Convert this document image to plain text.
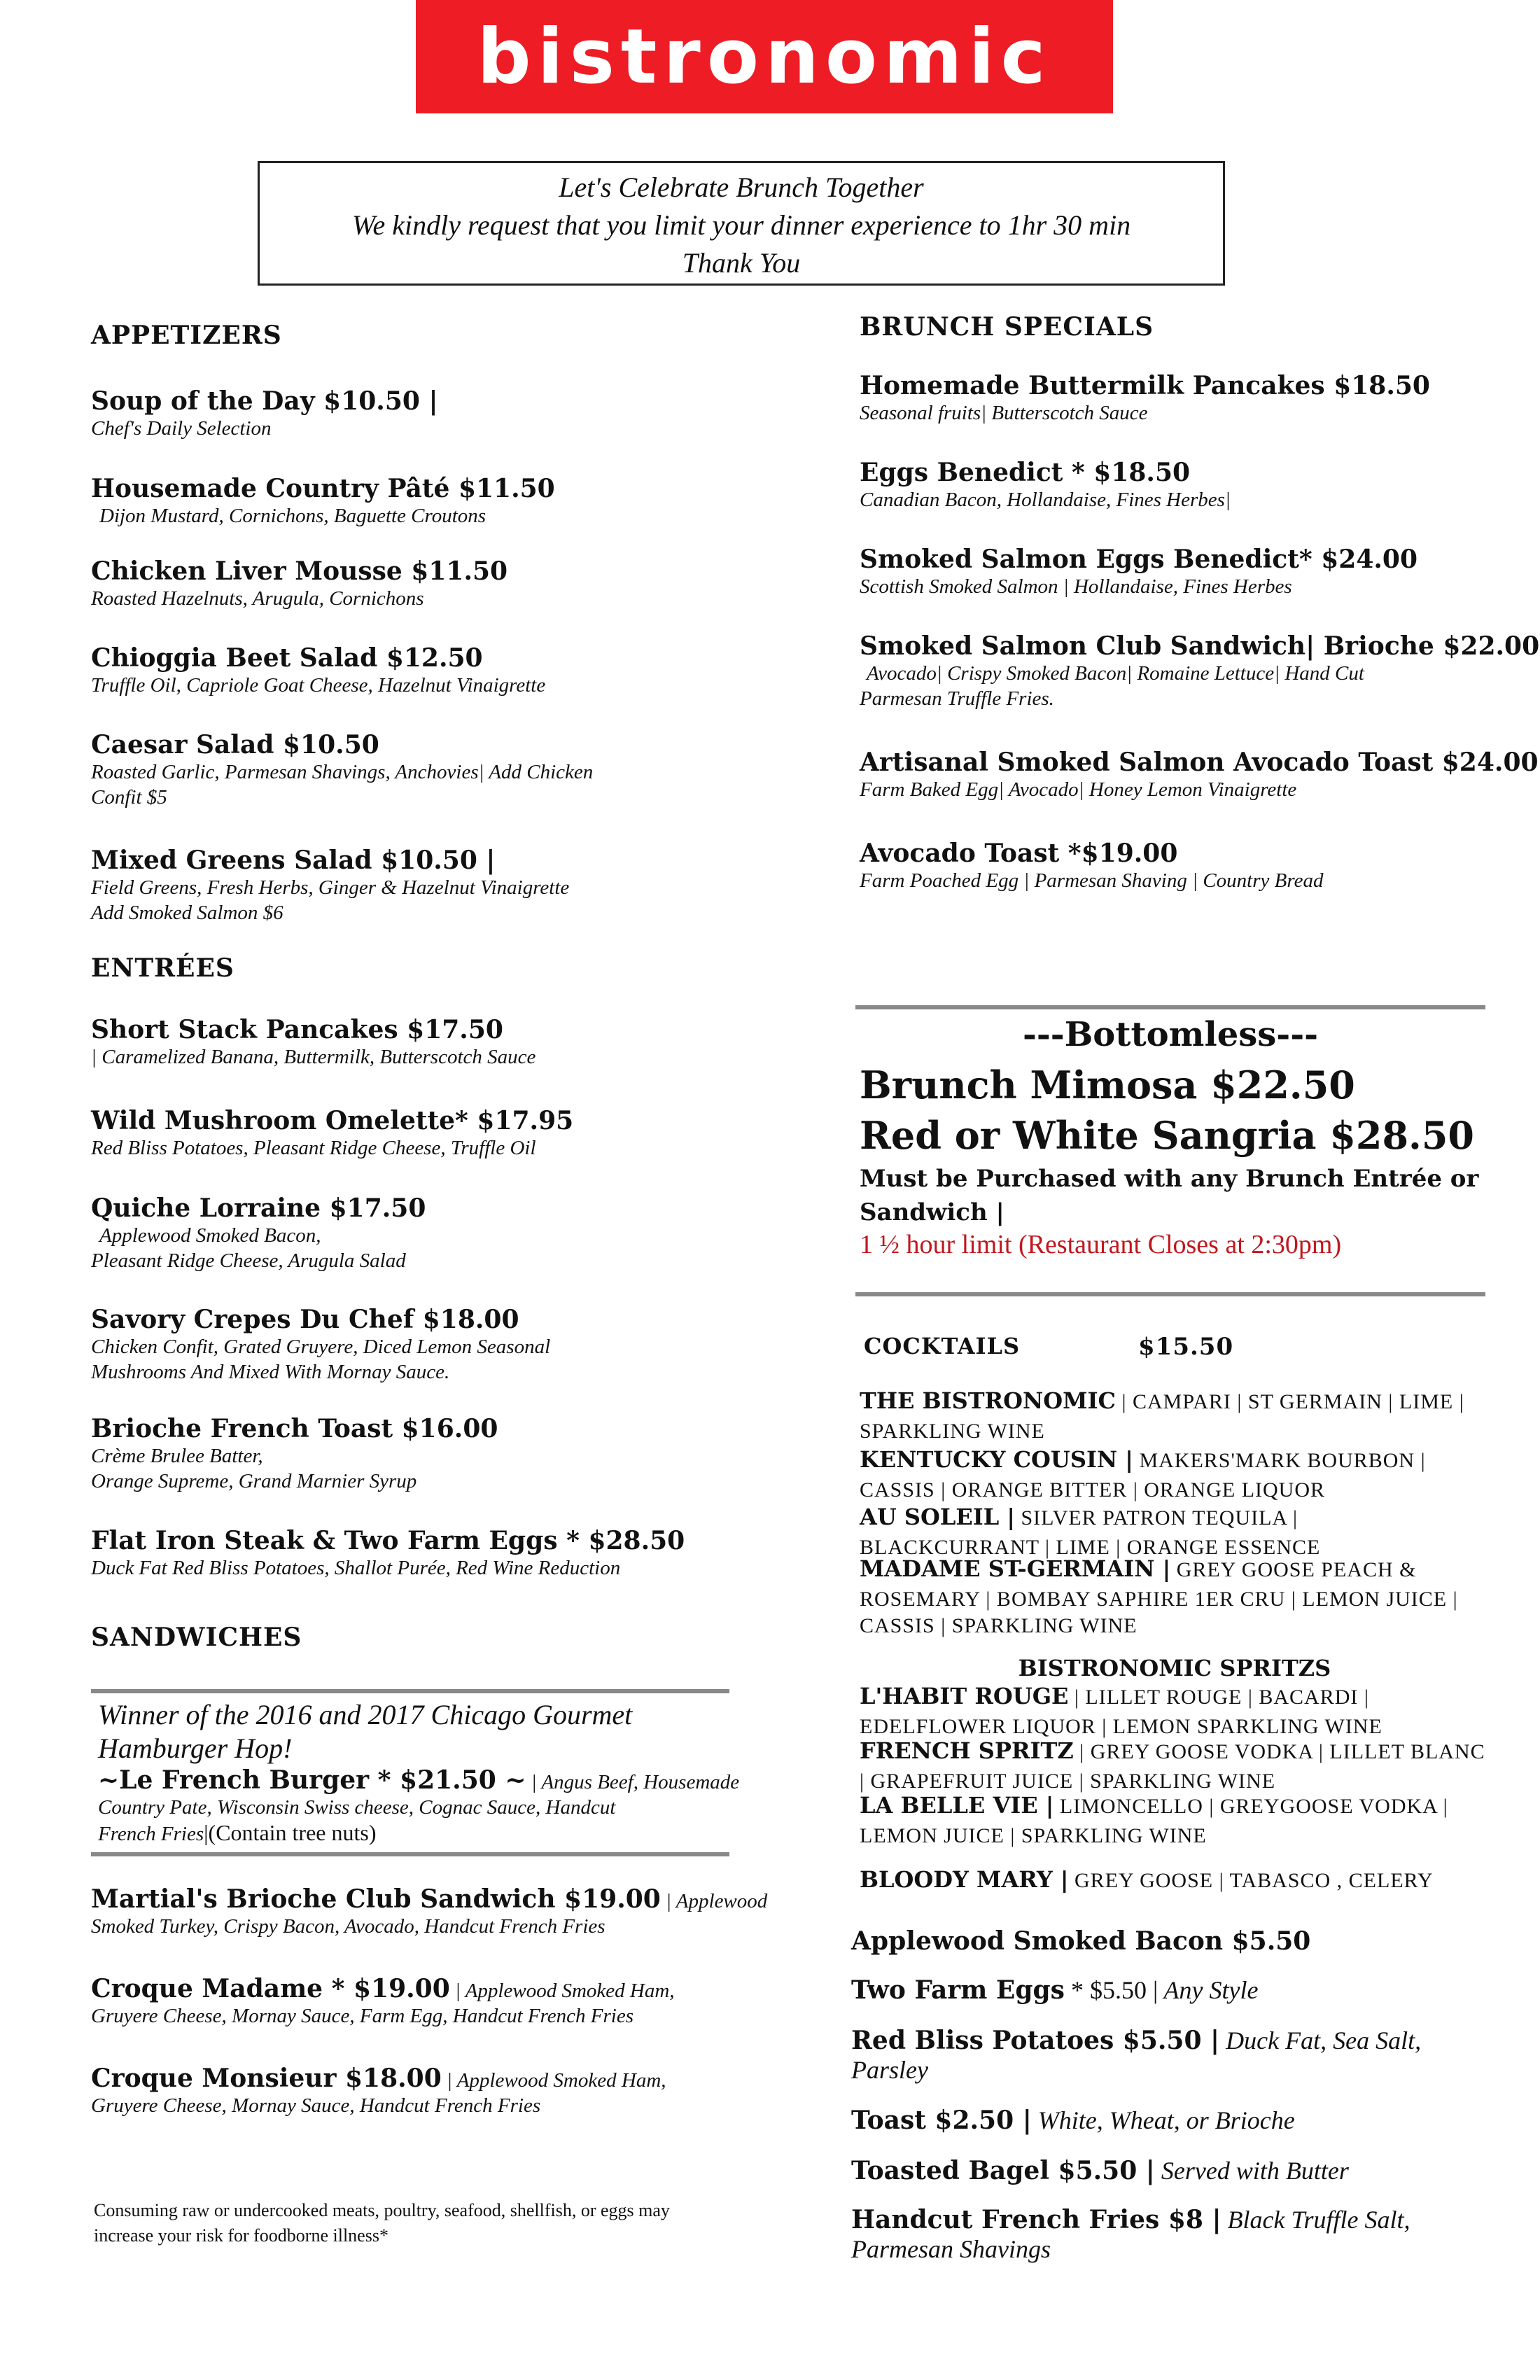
bistronomic
Let's Celebrate Brunch Together
We kindly request that you limit your dinner experience to 1hr 30 min
Thank You
APPETIZERS
Soup of the Day $10.50 |
Chef's Daily Selection
Housemade Country Pâté $11.50
Dijon Mustard, Cornichons, Baguette Croutons
Chicken Liver Mousse $11.50
Roasted Hazelnuts, Arugula, Cornichons
Chioggia Beet Salad $12.50
Truffle Oil, Capriole Goat Cheese, Hazelnut Vinaigrette
Caesar Salad $10.50
Roasted Garlic, Parmesan Shavings, Anchovies| Add Chicken
Confit $5
Mixed Greens Salad $10.50 |
Field Greens, Fresh Herbs, Ginger & Hazelnut Vinaigrette
Add Smoked Salmon $6
ENTRÉES
Short Stack Pancakes $17.50
| Caramelized Banana, Buttermilk, Butterscotch Sauce
Wild Mushroom Omelette* $17.95
Red Bliss Potatoes, Pleasant Ridge Cheese, Truffle Oil
Quiche Lorraine $17.50
Applewood Smoked Bacon,
Pleasant Ridge Cheese, Arugula Salad
Savory Crepes Du Chef $18.00
Chicken Confit, Grated Gruyere, Diced Lemon Seasonal
Mushrooms And Mixed With Mornay Sauce.
Brioche French Toast $16.00
Crème Brulee Batter,
Orange Supreme, Grand Marnier Syrup
Flat Iron Steak & Two Farm Eggs * $28.50
Duck Fat Red Bliss Potatoes, Shallot Purée, Red Wine Reduction
SANDWICHES
Winner of the 2016 and 2017 Chicago Gourmet
Hamburger Hop!
~Le French Burger * $21.50 ~ | Angus Beef, Housemade
Country Pate, Wisconsin Swiss cheese, Cognac Sauce, Handcut
French Fries|(Contain tree nuts)
Martial's Brioche Club Sandwich $19.00 | Applewood
Smoked Turkey, Crispy Bacon, Avocado, Handcut French Fries
Croque Madame * $19.00 | Applewood Smoked Ham,
Gruyere Cheese, Mornay Sauce, Farm Egg, Handcut French Fries
Croque Monsieur $18.00 | Applewood Smoked Ham,
Gruyere Cheese, Mornay Sauce, Handcut French Fries
Consuming raw or undercooked meats, poultry, seafood, shellfish, or eggs may
increase your risk for foodborne illness*
BRUNCH SPECIALS
Homemade Buttermilk Pancakes $18.50
Seasonal fruits| Butterscotch Sauce
Eggs Benedict * $18.50
Canadian Bacon, Hollandaise, Fines Herbes|
Smoked Salmon Eggs Benedict* $24.00
Scottish Smoked Salmon | Hollandaise, Fines Herbes
Smoked Salmon Club Sandwich| Brioche $22.00
Avocado| Crispy Smoked Bacon| Romaine Lettuce| Hand Cut
Parmesan Truffle Fries.
Artisanal Smoked Salmon Avocado Toast $24.00
Farm Baked Egg| Avocado| Honey Lemon Vinaigrette
Avocado Toast *$19.00
Farm Poached Egg | Parmesan Shaving | Country Bread
---Bottomless---
Brunch Mimosa $22.50
Red or White Sangria $28.50
Must be Purchased with any Brunch Entrée or
Sandwich |
1 ½ hour limit (Restaurant Closes at 2:30pm)
COCKTAILS	$15.50
THE BISTRONOMIC | CAMPARI | ST GERMAIN | LIME |
SPARKLING WINE
KENTUCKY COUSIN | MAKERS'MARK BOURBON |
CASSIS | ORANGE BITTER | ORANGE LIQUOR
AU SOLEIL | SILVER PATRON TEQUILA |
BLACKCURRANT | LIME | ORANGE ESSENCE
MADAME ST-GERMAIN | GREY GOOSE PEACH &
ROSEMARY | BOMBAY SAPHIRE 1ER CRU | LEMON JUICE |
CASSIS | SPARKLING WINE
BISTRONOMIC SPRITZS
L'HABIT ROUGE | LILLET ROUGE | BACARDI |
EDELFLOWER LIQUOR | LEMON SPARKLING WINE
FRENCH SPRITZ | GREY GOOSE VODKA | LILLET BLANC
| GRAPEFRUIT JUICE | SPARKLING WINE
LA BELLE VIE | LIMONCELLO | GREYGOOSE VODKA |
LEMON JUICE | SPARKLING WINE
BLOODY MARY | GREY GOOSE | TABASCO , CELERY
Applewood Smoked Bacon $5.50
Two Farm Eggs * $5.50 | Any Style
Red Bliss Potatoes $5.50 | Duck Fat, Sea Salt,
Parsley
Toast $2.50 | White, Wheat, or Brioche
Toasted Bagel $5.50 | Served with Butter
Handcut French Fries $8 | Black Truffle Salt,
Parmesan Shavings
